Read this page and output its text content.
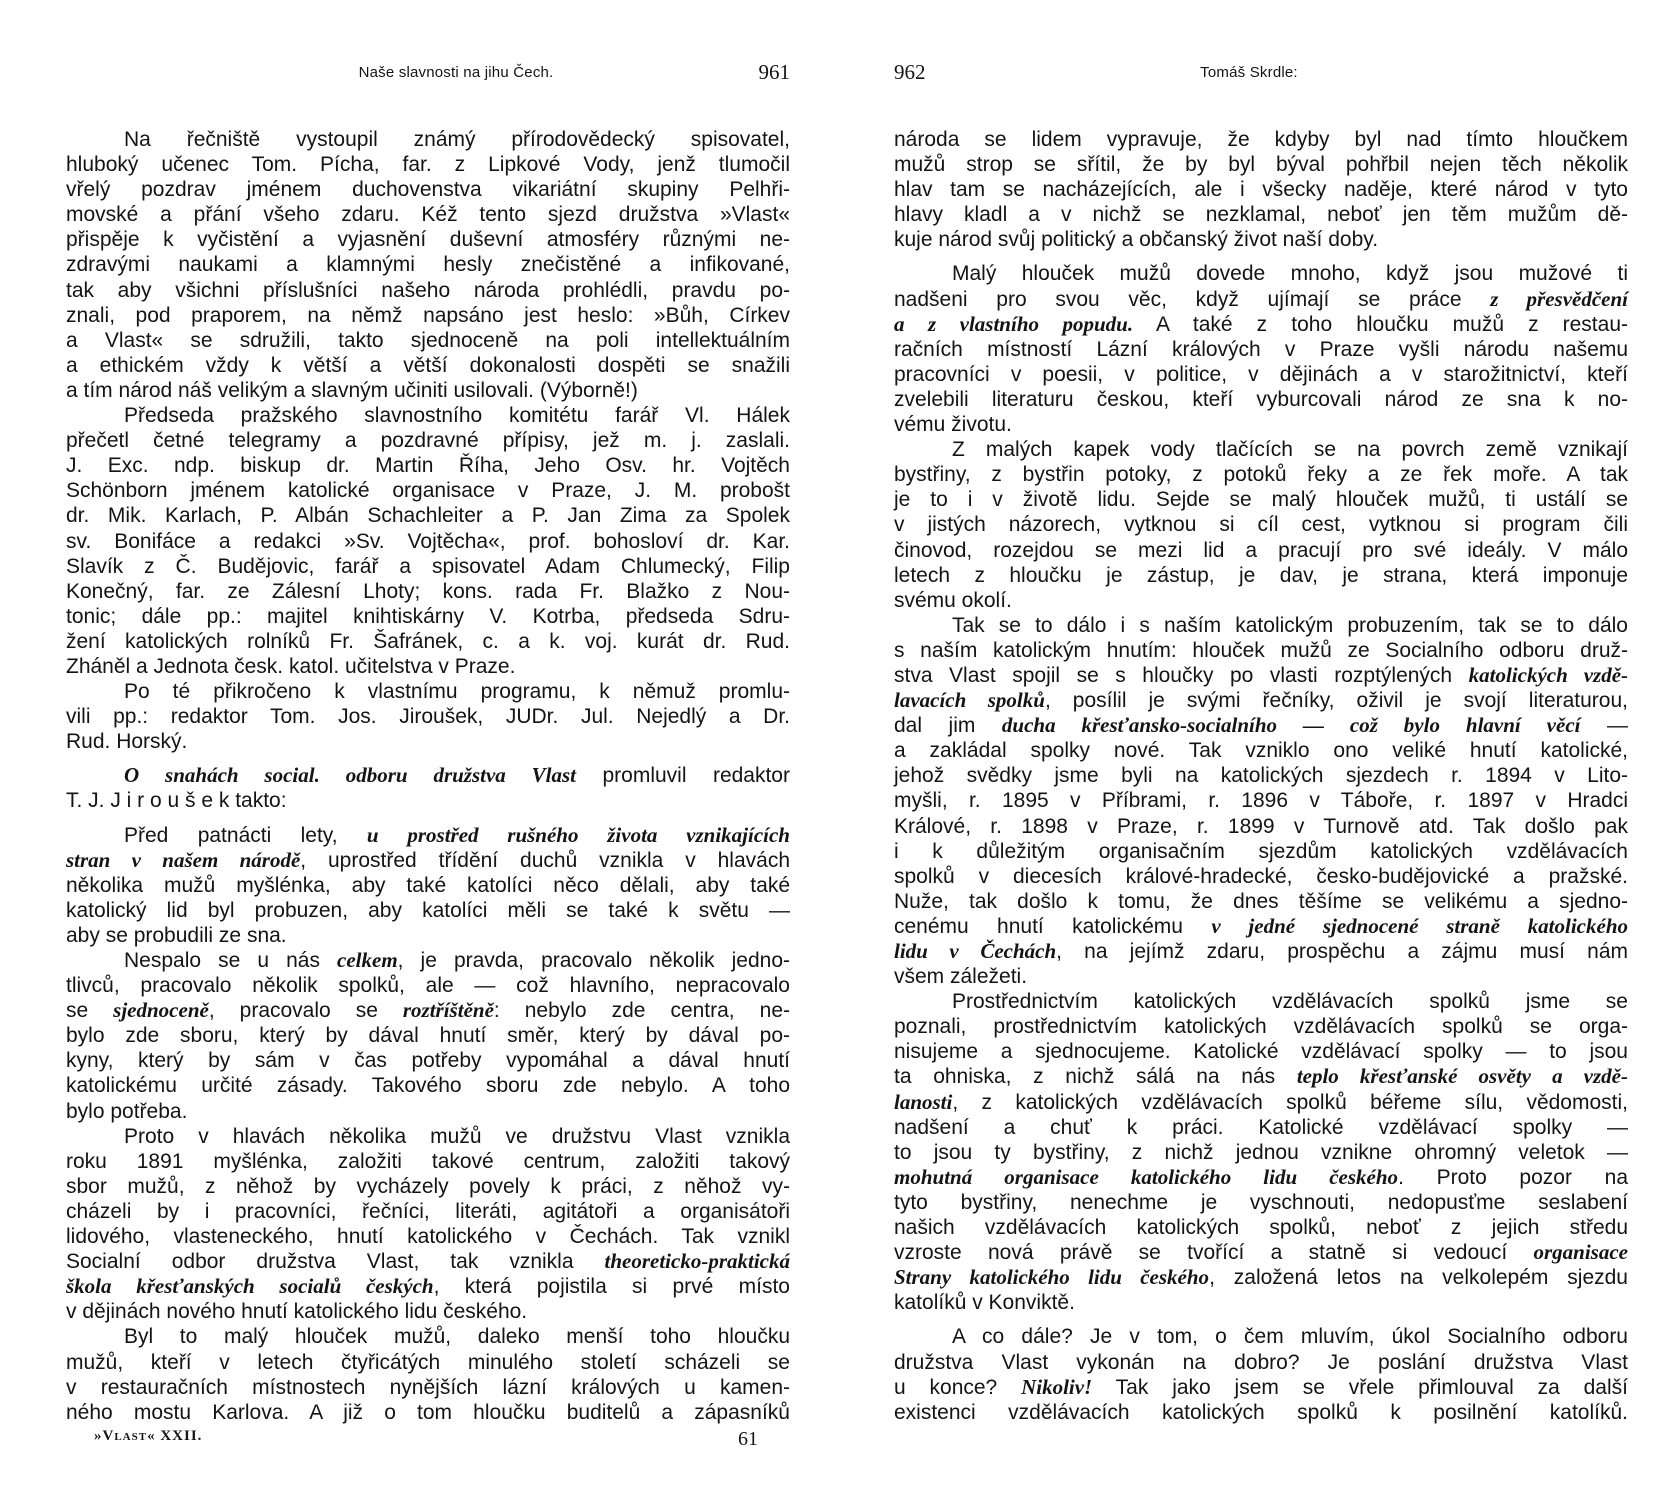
Naše slavnosti na jihu Čech.	961
Na řečniště vystoupil známý přírodovědecký spisovatel,
hluboký učenec Tom. Pícha, far. z Lipkové Vody, jenž tlumočil
vřelý pozdrav jménem duchovenstva vikariátní skupiny Pelhři-
movské a přání všeho zdaru. Kéž tento sjezd družstva »Vlast«
přispěje k vyčistění a vyjasnění duševní atmosféry různými ne-
zdravými naukami a klamnými hesly znečistěné a infikované,
tak aby všichni příslušníci našeho národa prohlédli, pravdu po-
znali, pod praporem, na němž napsáno jest heslo: »Bůh, Církev
a Vlast« se sdružili, takto sjednoceně na poli intellektuálním
a ethickém vždy k větší a větší dokonalosti dospěti se snažili
a tím národ náš velikým a slavným učiniti usilovali. (Výborně!)
Předseda pražského slavnostního komitétu farář Vl. Hálek
přečetl četné telegramy a pozdravné přípisy, jež m. j. zaslali.
J. Exc. ndp. biskup dr. Martin Říha, Jeho Osv. hr. Vojtěch
Schönborn jménem katolické organisace v Praze, J. M. probošt
dr. Mik. Karlach, P. Albán Schachleiter a P. Jan Zima za Spolek
sv. Bonifáce a redakci »Sv. Vojtěcha«, prof. bohosloví dr. Kar.
Slavík z Č. Budějovic, farář a spisovatel Adam Chlumecký, Filip
Konečný, far. ze Zálesní Lhoty; kons. rada Fr. Blažko z Nou-
tonic; dále pp.: majitel knihtiskárny V. Kotrba, předseda Sdru-
žení katolických rolníků Fr. Šafránek, c. a k. voj. kurát dr. Rud.
Zháněl a Jednota česk. katol. učitelstva v Praze.
Po té přikročeno k vlastnímu programu, k němuž promlu-
vili pp.: redaktor Tom. Jos. Jiroušek, JUDr. Jul. Nejedlý a Dr.
Rud. Horský.
O snahách social. odboru družstva Vlast promluvil redaktor
T. J. J i r o u š e k takto:
Před patnácti lety, u prostřed rušného života vznikajících
stran v našem národě, uprostřed třídění duchů vznikla v hlavách
několika mužů myšlénka, aby také katolíci něco dělali, aby také
katolický lid byl probuzen, aby katolíci měli se také k světu —
aby se probudili ze sna.
Nespalo se u nás celkem, je pravda, pracovalo několik jedno-
tlivců, pracovalo několik spolků, ale — což hlavního, nepracovalo
se sjednoceně, pracovalo se roztříštěně: nebylo zde centra, ne-
bylo zde sboru, který by dával hnutí směr, který by dával po-
kyny, který by sám v čas potřeby vypomáhal a dával hnutí
katolickému určité zásady. Takového sboru zde nebylo. A toho
bylo potřeba.
Proto v hlavách několika mužů ve družstvu Vlast vznikla
roku 1891 myšlénka, založiti takové centrum, založiti takový
sbor mužů, z něhož by vycházely povely k práci, z něhož vy-
cházeli by i pracovníci, řečníci, literáti, agitátoři a organisátoři
lidového, vlasteneckého, hnutí katolického v Čechách. Tak vznikl
Socialní odbor družstva Vlast, tak vznikla theoreticko-praktická
škola křesťanských socialů českých, která pojistila si prvé místo
v dějinách nového hnutí katolického lidu českého.
Byl to malý hlouček mužů, daleko menší toho hloučku
mužů, kteří v letech čtyřicátých minulého století scházeli se
v restauračních místnostech nynějších lázní králových u kamen-
ného mostu Karlova. A již o tom hloučku buditelů a zápasníků
»Vlast« XXII.	61
962	Tomáš Skrdle:
národa se lidem vypravuje, že kdyby byl nad tímto hloučkem
mužů strop se sřítil, že by byl býval pohřbil nejen těch několik
hlav tam se nacházejících, ale i všecky naděje, které národ v tyto
hlavy kladl a v nichž se nezklamal, neboť jen těm mužům dě-
kuje národ svůj politický a občanský život naší doby.
Malý hlouček mužů dovede mnoho, když jsou mužové ti
nadšeni pro svou věc, když ujímají se práce z přesvědčení
a z vlastního popudu. A také z toho hloučku mužů z restau-
račních místností Lázní králových v Praze vyšli národu našemu
pracovníci v poesii, v politice, v dějinách a v starožitnictví, kteří
zvelebili literaturu českou, kteří vyburcovali národ ze sna k no-
vému životu.
Z malých kapek vody tlačících se na povrch země vznikají
bystřiny, z bystřin potoky, z potoků řeky a ze řek moře. A tak
je to i v životě lidu. Sejde se malý hlouček mužů, ti ustálí se
v jistých názorech, vytknou si cíl cest, vytknou si program čili
činovod, rozejdou se mezi lid a pracují pro své ideály. V málo
letech z hloučku je zástup, je dav, je strana, která imponuje
svému okolí.
Tak se to dálo i s naším katolickým probuzením, tak se to dálo
s naším katolickým hnutím: hlouček mužů ze Socialního odboru druž-
stva Vlast spojil se s hloučky po vlasti rozptýlených katolických vzdě-
lavacích spolků, posílil je svými řečníky, oživil je svojí literaturou,
dal jim ducha křesťansko-socialního — což bylo hlavní věcí —
a zakládal spolky nové. Tak vzniklo ono veliké hnutí katolické,
jehož svědky jsme byli na katolických sjezdech r. 1894 v Lito-
myšli, r. 1895 v Příbrami, r. 1896 v Táboře, r. 1897 v Hradci
Králové, r. 1898 v Praze, r. 1899 v Turnově atd. Tak došlo pak
i k důležitým organisačním sjezdům katolických vzdělávacích
spolků v diecesích králové-hradecké, česko-budějovické a pražské.
Nuže, tak došlo k tomu, že dnes těšíme se velikému a sjedno-
cenému hnutí katolickému v jedné sjednocené straně katolického
lidu v Čechách, na jejímž zdaru, prospěchu a zájmu musí nám
všem záležeti.
Prostřednictvím katolických vzdělávacích spolků jsme se
poznali, prostřednictvím katolických vzdělávacích spolků se orga-
nisujeme a sjednocujeme. Katolické vzdělávací spolky — to jsou
ta ohniska, z nichž sálá na nás teplo křesťanské osvěty a vzdě-
lanosti, z katolických vzdělávacích spolků béřeme sílu, vědomosti,
nadšení a chuť k práci. Katolické vzdělávací spolky —
to jsou ty bystřiny, z nichž jednou vznikne ohromný veletok —
mohutná organisace katolického lidu českého. Proto pozor na
tyto bystřiny, nenechme je vyschnouti, nedopusťme seslabení
našich vzdělávacích katolických spolků, neboť z jejich středu
vzroste nová právě se tvořící a statně si vedoucí organisace
Strany katolického lidu českého, založená letos na velkolepém sjezdu
katolíků v Konviktě.
A co dále? Je v tom, o čem mluvím, úkol Socialního odboru
družstva Vlast vykonán na dobro? Je poslání družstva Vlast
u konce? Nikoliv! Tak jako jsem se vřele přimlouval za další
existenci vzdělávacích katolických spolků k posilnění katolíků.
